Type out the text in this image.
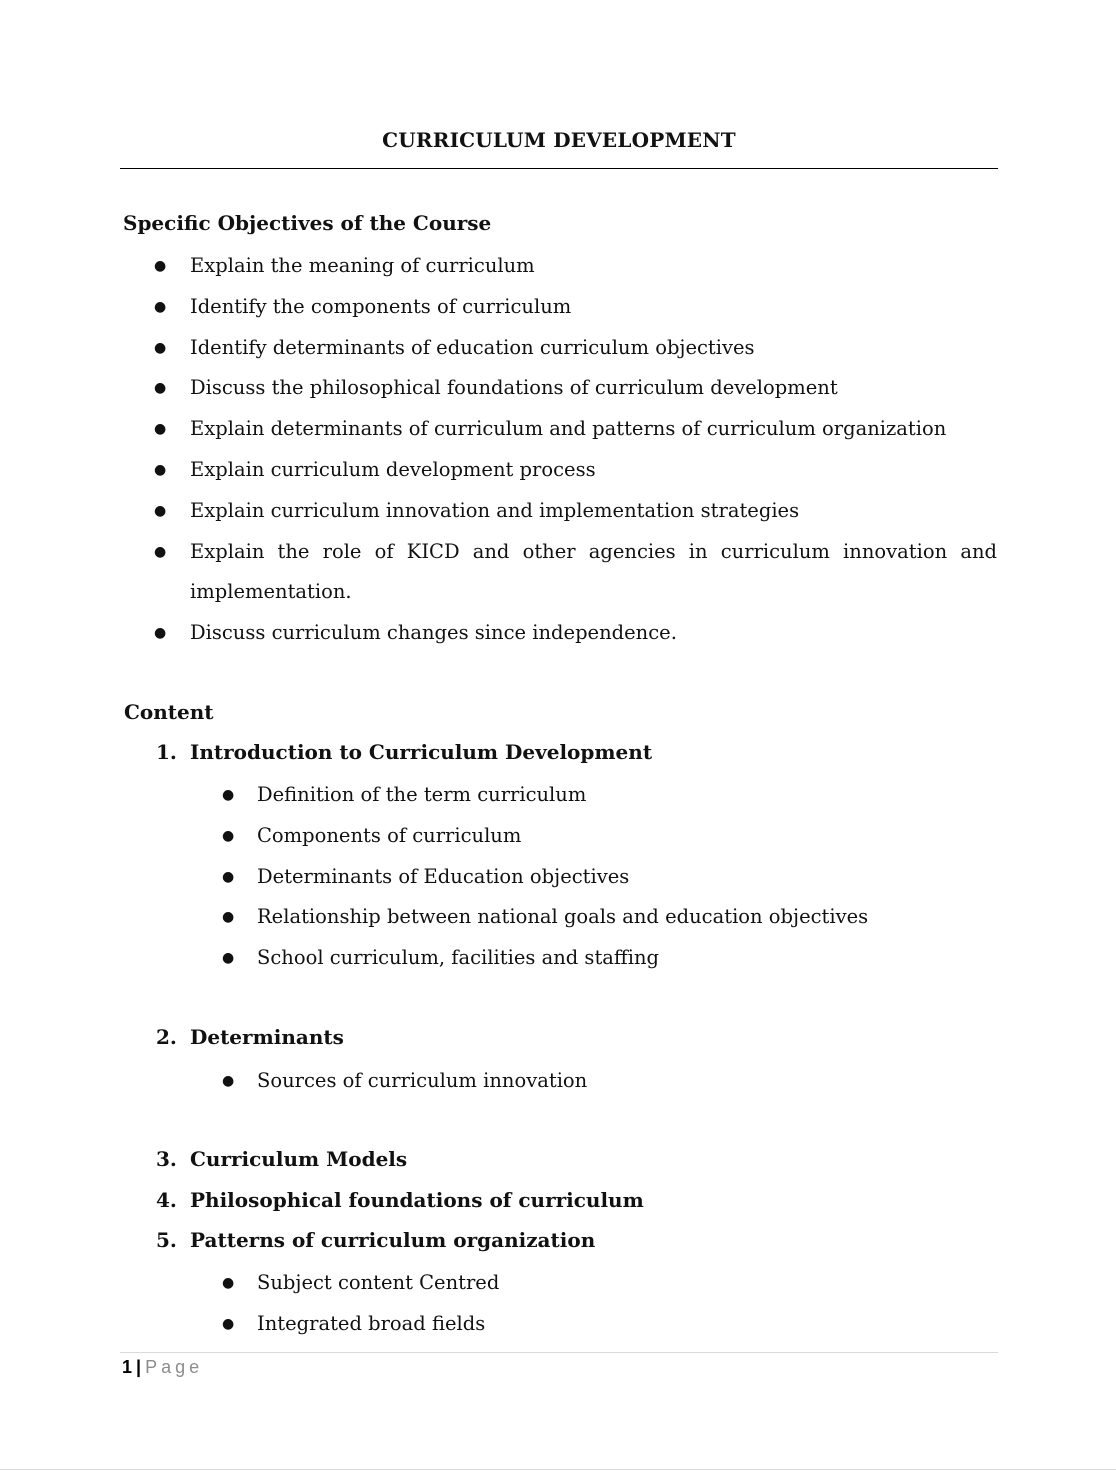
CURRICULUM DEVELOPMENT
Specific Objectives of the Course
● Explain the meaning of curriculum
● Identify the components of curriculum
● Identify determinants of education curriculum objectives
● Discuss the philosophical foundations of curriculum development
● Explain determinants of curriculum and patterns of curriculum organization
● Explain curriculum development process
● Explain curriculum innovation and implementation strategies
● Explain the role of KICD and other agencies in curriculum innovation and implementation.
● Discuss curriculum changes since independence.
Content
1. Introduction to Curriculum Development
● Definition of the term curriculum
● Components of curriculum
● Determinants of Education objectives
● Relationship between national goals and education objectives
● School curriculum, facilities and staffing
2. Determinants
● Sources of curriculum innovation
3. Curriculum Models
4. Philosophical foundations of curriculum
5. Patterns of curriculum organization
● Subject content Centred
● Integrated broad fields
1 | Page
